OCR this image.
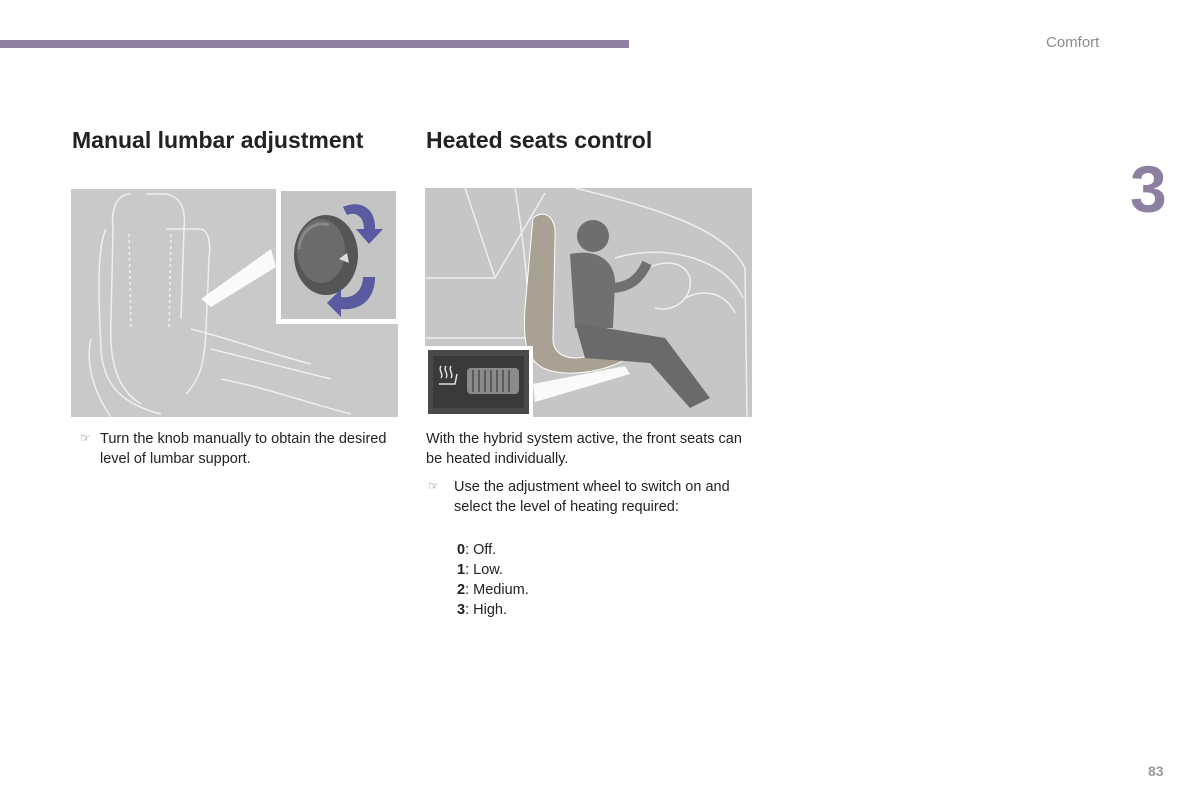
Comfort
3
Manual lumbar adjustment	Heated seats control
☞ Turn the knob manually to obtain the desired level of lumbar support.
With the hybrid system active, the front seats can be heated individually.
☞ Use the adjustment wheel to switch on and select the level of heating required:
0: Off.
1: Low.
2: Medium.
3: High.
83
